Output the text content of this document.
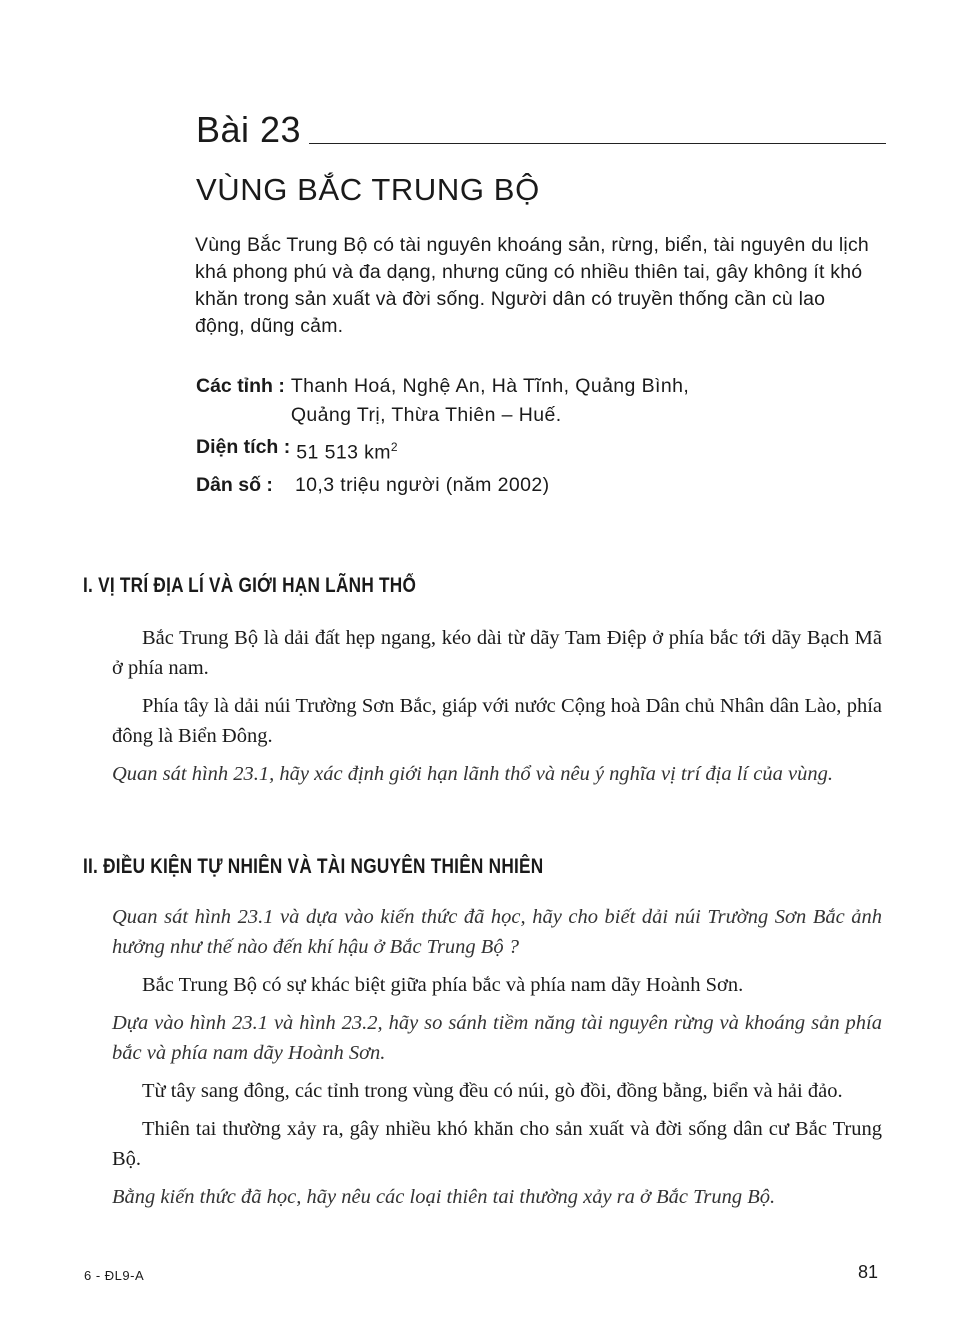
Bài 23
VÙNG BẮC TRUNG BỘ
Vùng Bắc Trung Bộ có tài nguyên khoáng sản, rừng, biển, tài nguyên du lịch khá phong phú và đa dạng, nhưng cũng có nhiều thiên tai, gây không ít khó khăn trong sản xuất và đời sống. Người dân có truyền thống cần cù lao động, dũng cảm.
Các tỉnh : Thanh Hoá, Nghệ An, Hà Tĩnh, Quảng Bình,
Quảng Trị, Thừa Thiên – Huế.
Diện tích : 51 513 $km^2$
Dân số : 10,3 triệu người (năm 2002)
I. VỊ TRÍ ĐỊA LÍ VÀ GIỚI HẠN LÃNH THỔ

Bắc Trung Bộ là dải đất hẹp ngang, kéo dài từ dãy Tam Điệp ở phía bắc tới dãy Bạch Mã ở phía nam.

Phía tây là dải núi Trường Sơn Bắc, giáp với nước Cộng hoà Dân chủ Nhân dân Lào, phía đông là Biển Đông.

Quan sát hình 23.1, hãy xác định giới hạn lãnh thổ và nêu ý nghĩa vị trí địa lí của vùng.

II. ĐIỀU KIỆN TỰ NHIÊN VÀ TÀI NGUYÊN THIÊN NHIÊN

Quan sát hình 23.1 và dựa vào kiến thức đã học, hãy cho biết dải núi Trường Sơn Bắc ảnh hưởng như thế nào đến khí hậu ở Bắc Trung Bộ ?

Bắc Trung Bộ có sự khác biệt giữa phía bắc và phía nam dãy Hoành Sơn.

Dựa vào hình 23.1 và hình 23.2, hãy so sánh tiềm năng tài nguyên rừng và khoáng sản phía bắc và phía nam dãy Hoành Sơn.

Từ tây sang đông, các tỉnh trong vùng đều có núi, gò đồi, đồng bằng, biển và hải đảo.

Thiên tai thường xảy ra, gây nhiều khó khăn cho sản xuất và đời sống dân cư Bắc Trung Bộ.

Bằng kiến thức đã học, hãy nêu các loại thiên tai thường xảy ra ở Bắc Trung Bộ.

6 - ĐL9-A	81
